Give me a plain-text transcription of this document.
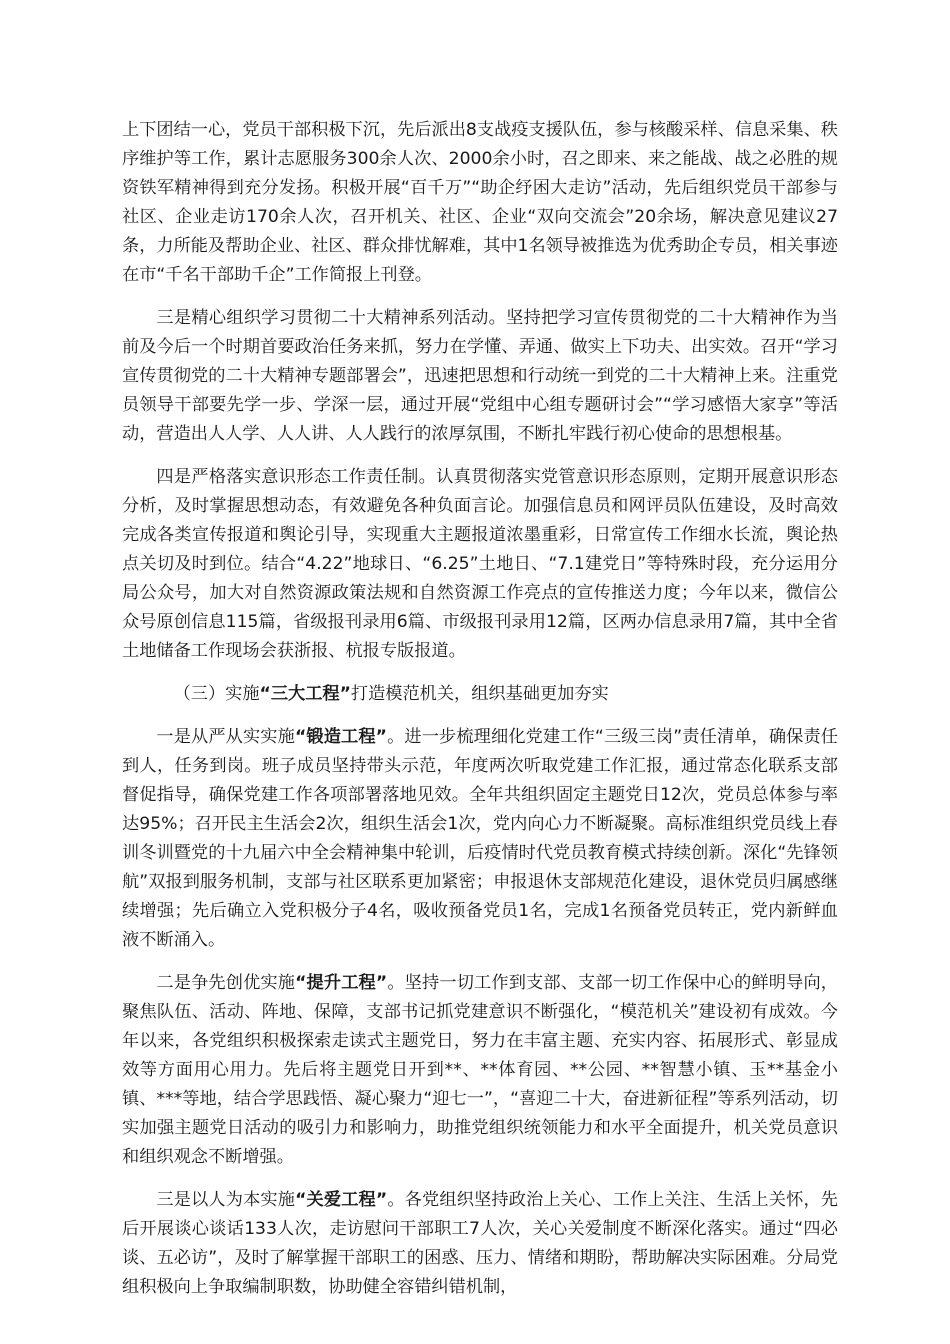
上下团结一心，党员干部积极下沉，先后派出8支战疫支援队伍，参与核酸采样、信息采集、秩序维护等工作，累计志愿服务300余人次、2000余小时，召之即来、来之能战、战之必胜的规资铁军精神得到充分发扬。积极开展“百千万”“助企纾困大走访”活动，先后组织党员干部参与社区、企业走访170余人次，召开机关、社区、企业“双向交流会”20余场，解决意见建议27条，力所能及帮助企业、社区、群众排忧解难，其中1名领导被推选为优秀助企专员，相关事迹在市“千名干部助千企”工作简报上刊登。

三是精心组织学习贯彻二十大精神系列活动。坚持把学习宣传贯彻党的二十大精神作为当前及今后一个时期首要政治任务来抓，努力在学懂、弄通、做实上下功夫、出实效。召开“学习宣传贯彻党的二十大精神专题部署会”，迅速把思想和行动统一到党的二十大精神上来。注重党员领导干部要先学一步、学深一层，通过开展“党组中心组专题研讨会”“学习感悟大家享”等活动，营造出人人学、人人讲、人人践行的浓厚氛围，不断扎牢践行初心使命的思想根基。

四是严格落实意识形态工作责任制。认真贯彻落实党管意识形态原则，定期开展意识形态分析，及时掌握思想动态，有效避免各种负面言论。加强信息员和网评员队伍建设，及时高效完成各类宣传报道和舆论引导，实现重大主题报道浓墨重彩，日常宣传工作细水长流，舆论热点关切及时到位。结合“4.22”地球日、“6.25”土地日、“7.1建党日”等特殊时段，充分运用分局公众号，加大对自然资源政策法规和自然资源工作亮点的宣传推送力度；今年以来，微信公众号原创信息115篇，省级报刊录用6篇、市级报刊录用12篇，区两办信息录用7篇，其中全省土地储备工作现场会获浙报、杭报专版报道。

（三）实施“三大工程”打造模范机关，组织基础更加夯实

一是从严从实实施“锻造工程”。进一步梳理细化党建工作“三级三岗”责任清单，确保责任到人，任务到岗。班子成员坚持带头示范，年度两次听取党建工作汇报，通过常态化联系支部督促指导，确保党建工作各项部署落地见效。全年共组织固定主题党日12次，党员总体参与率达95%；召开民主生活会2次，组织生活会1次，党内向心力不断凝聚。高标准组织党员线上春训冬训暨党的十九届六中全会精神集中轮训，后疫情时代党员教育模式持续创新。深化“先锋领航”双报到服务机制，支部与社区联系更加紧密；申报退休支部规范化建设，退休党员归属感继续增强；先后确立入党积极分子4名，吸收预备党员1名，完成1名预备党员转正，党内新鲜血液不断涌入。

二是争先创优实施“提升工程”。坚持一切工作到支部、支部一切工作保中心的鲜明导向，聚焦队伍、活动、阵地、保障，支部书记抓党建意识不断强化，“模范机关”建设初有成效。今年以来，各党组织积极探索走读式主题党日，努力在丰富主题、充实内容、拓展形式、彰显成效等方面用心用力。先后将主题党日开到**、**体育园、**公园、**智慧小镇、玉**基金小镇、***等地，结合学思践悟、凝心聚力“迎七一”，“喜迎二十大，奋进新征程”等系列活动，切实加强主题党日活动的吸引力和影响力，助推党组织统领能力和水平全面提升，机关党员意识和组织观念不断增强。

三是以人为本实施“关爱工程”。各党组织坚持政治上关心、工作上关注、生活上关怀，先后开展谈心谈话133人次，走访慰问干部职工7人次，关心关爱制度不断深化落实。通过“四必谈、五必访”，及时了解掌握干部职工的困惑、压力、情绪和期盼，帮助解决实际困难。分局党组积极向上争取编制职数，协助健全容错纠错机制，
